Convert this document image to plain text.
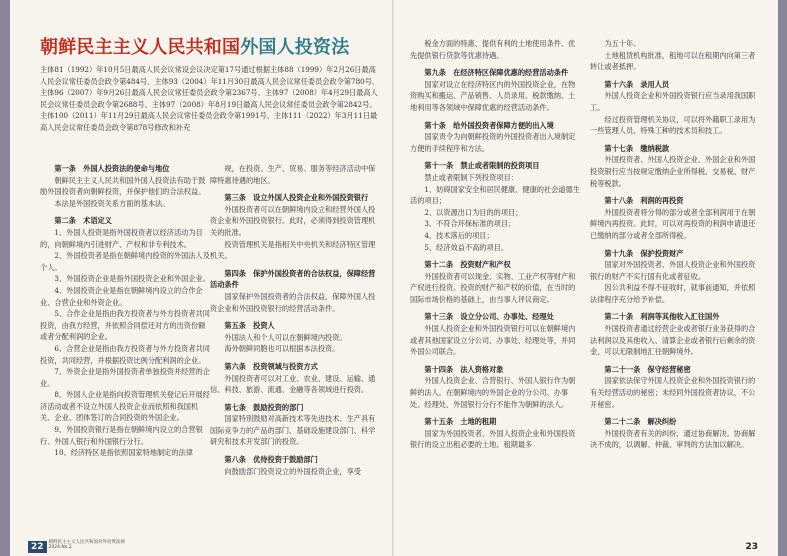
朝鲜民主主义人民共和国外国人投资法
主体81（1992）年10月5日最高人民会议常设会议决定第17号通过根据主体88（1999）年2月26日最高人民会议常任委员会政令第484号、主体93（2004）年11月30日最高人民会议常任委员会政令第780号、主体96（2007）年9月26日最高人民会议常任委员会政令第2367号、主体97（2008）年4月29日最高人民会议常任委员会政令第2688号、主体97（2008）年8月19日最高人民会议常任委员会政令第2842号、主体100（2011）年11月29日最高人民会议常任委员会政令第1991号、主体111（2022）年3月11日最高人民会议常任委员会政令第878号修改和补充

第一条　外国人投资法的使命与地位

朝鲜民主主义人民共和国外国人投资法有助于鼓励外国投资者向朝鲜投资，并保护他们的合法权益。

本法是外国投资关系方面的基本法。

第二条　术语定义

1、外国人投资是指外国投资者以经济活动为目的，向朝鲜境内引进财产、产权和非专利技术。

2、外国投资者是指在朝鲜境内投资的外国法人及个人。

3、外国投资企业是指外国投资企业和外国企业。

4、外国投资企业是指在朝鲜境内设立的合作企业、合营企业和外资企业。

5、合作企业是指由我方投资者与外方投资者共同投资，由我方经营，并依照合同偿还对方的出资份额或者分配利润的企业。

6、合营企业是指由我方投资者与外方投资者共同投资，共同经营，并根据投资比例分配利润的企业。

7、外资企业是指外国投资者单独投资并经营的企业。

8、外国人企业是指向投资管理机关登记后开展经济活动或者不设立外国人投资企业而依照和我国机关、企业、团体签订的合同投资的外国企业。

9、外国投资银行是指在朝鲜境内设立的合营银行、外国人银行和外国银行分行。

10、经济特区是指依照国家特地制定的法律

规，在投资、生产、贸易、服务等经济活动中保障特惠待遇的地区。

第三条　设立外国人投资企业和外国投资银行

外国投资者可以在朝鲜境内设立和经营外国人投资企业和外国投资银行。此时，必须得到投资管理机关的批准。

投资管理机关是指相关中央机关和经济特区管理机关。

第四条　保护外国投资者的合法权益，保障经营活动条件

国家保护外国投资者的合法权益，保障外国人投资企业和外国投资银行的经营活动条件。

第五条　投资人

外国法人和个人可以在朝鲜境内投资。

海外朝鲜同胞也可以根据本法投资。

第六条　投资领域与投资方式

外国投资者可以对工业、农业、建设、运输、通信、科技、旅游、流通、金融等各领域进行投资。

第七条　鼓励投资的部门

国家特别鼓励对高新技术等先进技术、生产具有国际竞争力的产品的部门、基础设施建设部门、科学研究和技术开发部门的投资。

第八条　优待投资于鼓励部门

向鼓励部门投资设立的外国投资企业，享受

22 朝鲜民主主义人民共和国对外投资法规
2024.No.2

税金方面的特惠、提供有利的土地使用条件、优先提供银行贷款等优惠待遇。

第九条　在经济特区保障优惠的经营活动条件

国家对设立在经济特区内的外国投资企业，在物资购买和搬运、产品销售、人员录用、税款缴纳、土地利用等各领域中保障优惠的经营活动条件。

第十条　给外国投资者保障方便的出入境

国家责令为向朝鲜投资的外国投资者出入境制定方便的手续程序和方法。

第十一条　禁止或者限制的投资项目

禁止或者限制下列投资项目：

1、妨碍国家安全和居民健康、健康的社会道德生活的项目；

2、以资源出口为目的的项目；

3、不符合环保标准的项目；

4、技术落后的项目；

5、经济效益不高的项目。

第十二条　投资财产和产权

外国投资者可以现金、实物、工业产权等财产和产权进行投资。投资的财产和产权的价值，在当时的国际市场价格的基础上，由当事人评议商定。

第十三条　设立分公司、办事处、经理处

外国人投资企业和外国投资银行可以在朝鲜境内或者其他国家设立分公司、办事处、经理处等，并同外国公司联合。

第十四条　法人资格对象

外国人投资企业、合营银行、外国人银行作为朝鲜的法人。在朝鲜境内的外国企业的分公司、办事处、经理处、外国银行分行不能作为朝鲜的法人。

第十五条　土地的租期

国家为外国投资者、外国人投资企业和外国投资银行的设立出租必要的土地。租期最多

为五十年。

土地租赁机构批准，租地可以在租期内向第三者转让或者抵押。

第十六条　录用人员

外国人投资企业和外国投资银行应当录用我国职工。

经过投资管理机关协议，可以将外籍职工录用为一些管理人员、特殊工种的技术员和技工。

第十七条　缴纳税款

外国投资者、外国人投资企业、外国企业和外国投资银行应当按规定缴纳企业所得税、交易税、财产税等税款。

第十八条　利润的再投资

外国投资者将分得的部分或者全部利润用于在朝鲜境内再投资。此时，可以对再投资的利润申请退还已缴纳的部分或者全部所得税。

第十九条　保护投资财产

国家对外国投资者、外国人投资企业和外国投资银行的财产不实行国有化或者征收。

因公共利益不得不征收时，就事前通知，并依照法律程序充分给予补偿。

第二十条　利润等其他收入汇往国外

外国投资者通过经营企业或者银行业务获得的合法利润以及其他收入、清算企业或者银行后剩余的资金，可以无限制地汇往朝鲜境外。

第二十一条　保守经营秘密

国家依法保守外国人投资企业和外国投资银行的有关经营活动的秘密；未经同外国投资者协议，不公开秘密。

第二十二条　解决纠纷

外国投资者有关的纠纷，通过协商解决。协商解决不成的，以调解、仲裁、审判的方法加以解决。

23
